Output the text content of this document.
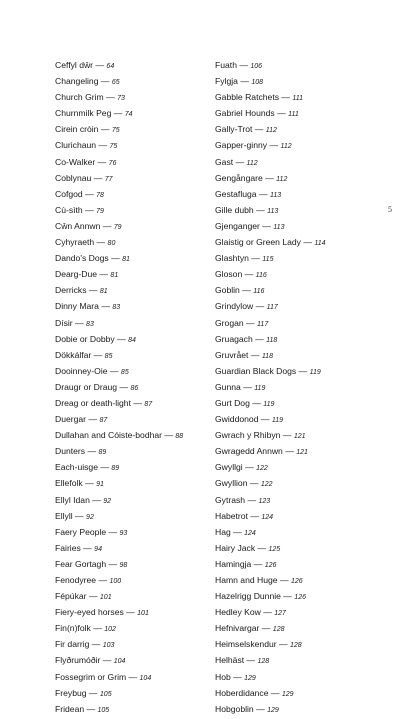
Ceffyl dŵr — 64
Changeling — 65
Church Grim — 73
Churnmilk Peg — 74
Cirein cròin — 75
Clurichaun — 75
Co-Walker — 76
Coblynau — 77
Cofgod — 78
Cù-sìth — 79
Cŵn Annwn — 79
Cyhyraeth — 80
Dando's Dogs — 81
Dearg-Due — 81
Derricks — 81
Dinny Mara — 83
Dísir — 83
Dobie or Dobby — 84
Dökkálfar — 85
Dooinney-Oie — 85
Draugr or Draug — 86
Dreag or death-light — 87
Duergar — 87
Dullahan and Cóiste-bodhar — 88
Dunters — 89
Each-uisge — 89
Ellefolk — 91
Ellyl Idan — 92
Ellyll — 92
Faery People — 93
Fairies — 94
Fear Gortagh — 98
Fenodyree — 100
Fépúkar — 101
Fiery-eyed horses — 101
Fin(n)folk — 102
Fir darrig — 103
Flyðrumóðir — 104
Fossegrim or Grim — 104
Freybug — 105
Fridean — 105
Fuath — 106
Fylgja — 108
Gabble Ratchets — 111
Gabriel Hounds — 111
Gally-Trot — 112
Gapper-ginny — 112
Gast — 112
Gengångare — 112
Gestafluga — 113
Gille dubh — 113
Gjenganger — 113
Glaistig or Green Lady — 114
Glashtyn — 115
Gloson — 116
Goblin — 116
Grindylow — 117
Grogan — 117
Gruagach — 118
Gruvrået — 118
Guardian Black Dogs — 119
Gunna — 119
Gurt Dog — 119
Gwiddonod — 119
Gwrach y Rhibyn — 121
Gwragedd Annwn — 121
Gwyllgi — 122
Gwyllion — 122
Gytrash — 123
Habetrot — 124
Hag — 124
Hairy Jack — 125
Hamingja — 126
Hamn and Huge — 126
Hazelrigg Dunnie — 126
Hedley Kow — 127
Hefnivargar — 128
Heimselskendur — 128
Helhäst — 128
Hob — 129
Hoberdidance — 129
Hobgoblin — 129
5
